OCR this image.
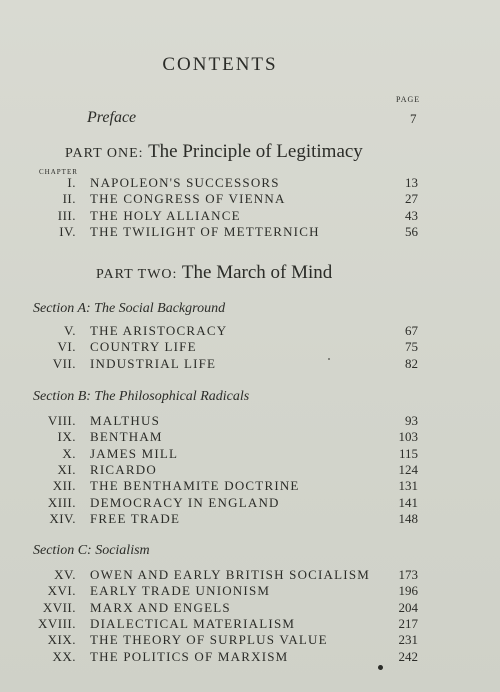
CONTENTS
PAGE
Preface	7
PART ONE: The Principle of Legitimacy
CHAPTER
I. NAPOLEON'S SUCCESSORS	13
II. THE CONGRESS OF VIENNA	27
III. THE HOLY ALLIANCE	43
IV. THE TWILIGHT OF METTERNICH	56
PART TWO: The March of Mind
Section A: The Social Background
V. THE ARISTOCRACY	67
VI. COUNTRY LIFE	75
VII. INDUSTRIAL LIFE	82
Section B: The Philosophical Radicals
VIII. MALTHUS	93
IX. BENTHAM	103
X. JAMES MILL	115
XI. RICARDO	124
XII. THE BENTHAMITE DOCTRINE	131
XIII. DEMOCRACY IN ENGLAND	141
XIV. FREE TRADE	148
Section C: Socialism
XV. OWEN AND EARLY BRITISH SOCIALISM	173
XVI. EARLY TRADE UNIONISM	196
XVII. MARX AND ENGELS	204
XVIII. DIALECTICAL MATERIALISM	217
XIX. THE THEORY OF SURPLUS VALUE	231
XX. THE POLITICS OF MARXISM	242
